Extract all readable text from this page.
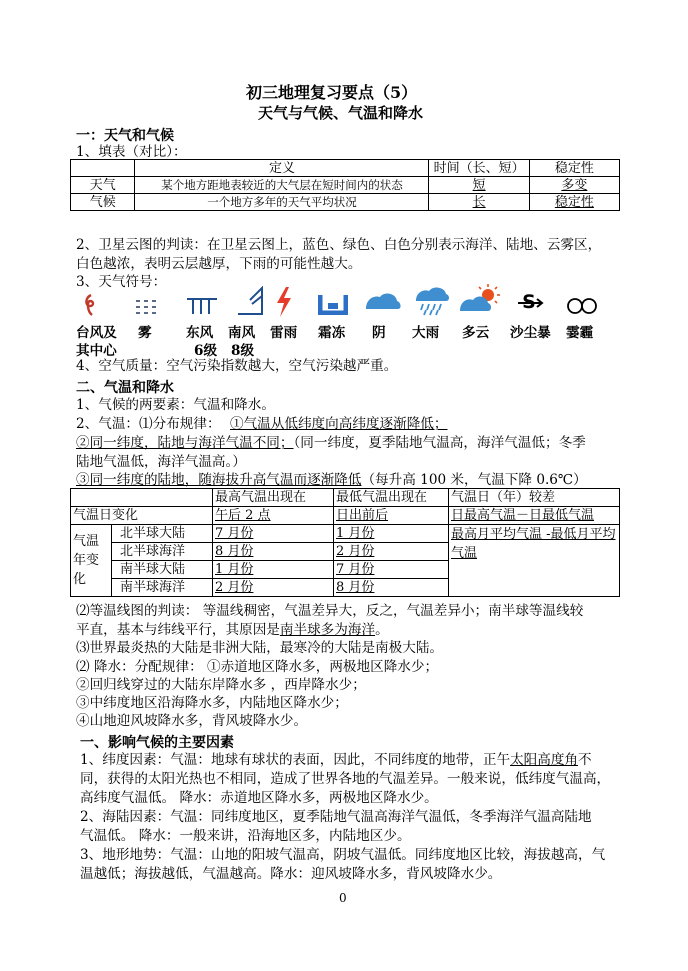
初三地理复习要点（5）
天气与气候、气温和降水
一：天气和气候
1、填表（对比）：
	定义	时间（长、短）	稳定性
天气	某个地方距地表较近的大气层在短时间内的状态	短	多变
气候	一个地方多年的天气平均状况	长	稳定性
2、卫星云图的判读：在卫星云图上，蓝色、绿色、白色分别表示海洋、陆地、云雾区，
白色越浓，表明云层越厚，下雨的可能性越大。
3、天气符号：
S
台风及 雾	东风 南风 雷雨 霜冻 阴 大雨 多云 沙尘暴 霎霾
其中心	6级 8级
4、空气质量：空气污染指数越大，空气污染越严重。
二、气温和降水
1、气候的两要素：气温和降水。
2、气温：⑴分布规律： ①气温从低纬度向高纬度逐渐降低；
②同一纬度，陆地与海洋气温不同；（同一纬度，夏季陆地气温高，海洋气温低；冬季
陆地气温低，海洋气温高。）
③同一纬度的陆地，随海拔升高气温而逐渐降低（每升高 100 米，气温下降 0.6℃）
		最高气温出现在	最低气温出现在	气温日（年）较差
气温日变化		午后 2 点	日出前后	日最高气温－日最低气温
气温年变化	北半球大陆	7 月份	1 月份	最高月平均气温 -最低月平均气温
	北半球海洋	8 月份	2 月份	
	南半球大陆	1 月份	7 月份	
	南半球海洋	2 月份	8 月份	
⑵等温线图的判读： 等温线稠密，气温差异大，反之，气温差异小；南半球等温线较
平直，基本与纬线平行，其原因是南半球多为海洋。
⑶世界最炎热的大陆是非洲大陆，最寒冷的大陆是南极大陆。
⑵ 降水：分配规律： ①赤道地区降水多，两极地区降水少；
②回归线穿过的大陆东岸降水多 ，西岸降水少；
③中纬度地区沿海降水多，内陆地区降水少；
④山地迎风坡降水多，背风坡降水少。
一、影响气候的主要因素
1、纬度因素：气温：地球有球状的表面，因此，不同纬度的地带，正午太阳高度角不
同，获得的太阳光热也不相同，造成了世界各地的气温差异。一般来说，低纬度气温高，
高纬度气温低。 降水：赤道地区降水多，两极地区降水少。
2、海陆因素：气温：同纬度地区，夏季陆地气温高海洋气温低，冬季海洋气温高陆地
气温低。 降水：一般来讲，沿海地区多，内陆地区少。
3、地形地势：气温：山地的阳坡气温高，阴坡气温低。同纬度地区比较，海拔越高，气
温越低；海拔越低，气温越高。降水：迎风坡降水多，背风坡降水少。
0
